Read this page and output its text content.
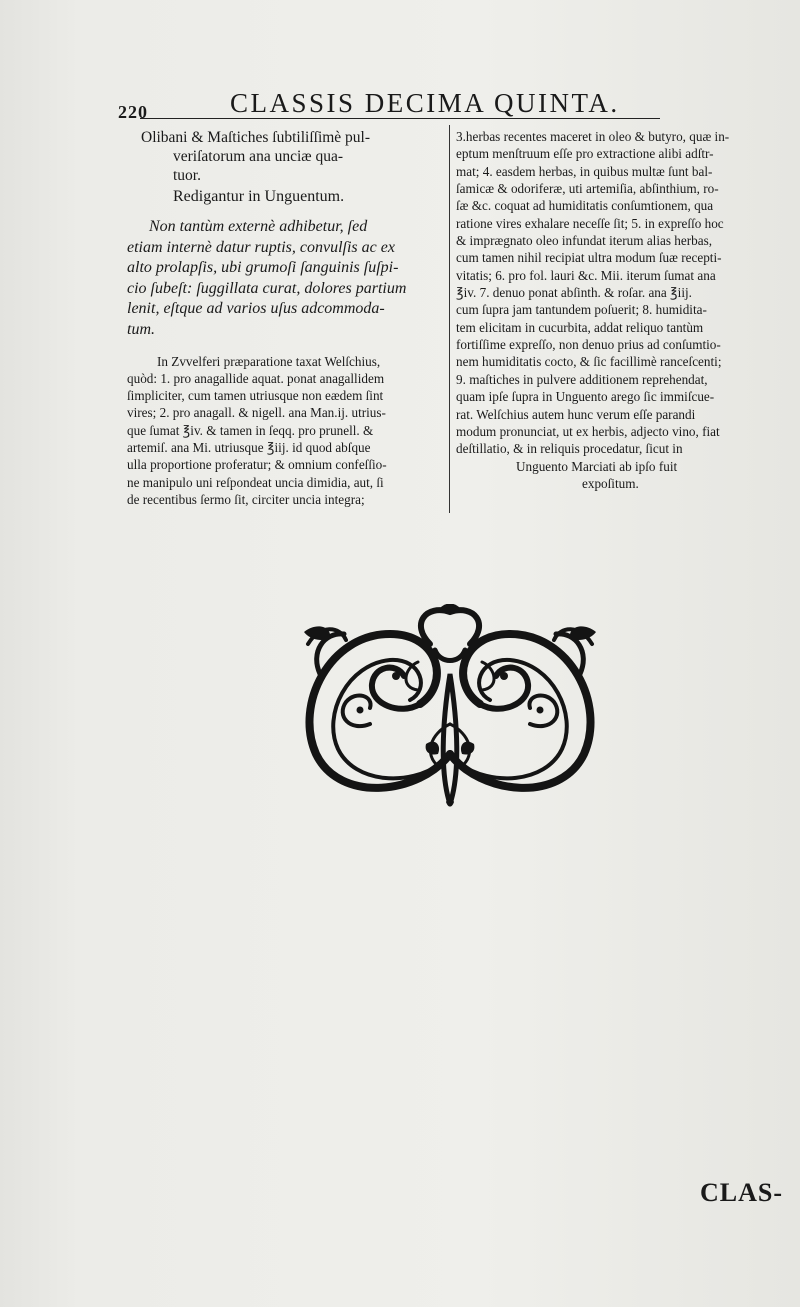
220	CLASSIS DECIMA QUINTA.

Olibani & Maſtiches ſubtiliſſimè pul-

veriſatorum ana unciæ qua-

tuor.

Redigantur in Unguentum.

Non tantùm externè adhibetur, ſed
etiam internè datur ruptis, convulſis ac ex
alto prolapſis, ubi grumoſi ſanguinis ſuſpi-
cio ſubeſt: ſuggillata curat, dolores partium
lenit, eſtque ad varios uſus adcommoda-
tum.

In Zvvelferi præparatione taxat Welſchius,
quòd: 1. pro anagallide aquat. ponat anagallidem
ſimpliciter, cum tamen utriusque non eædem ſint
vires; 2. pro anagall. & nigell. ana Man.ij. utrius-
que ſumat ℥iv. & tamen in ſeqq. pro prunell. &
artemiſ. ana Mi. utriusque ℥iij. id quod abſque
ulla proportione proferatur; & omnium confeſſio-
ne manipulo uni reſpondeat uncia dimidia, aut, ſi
de recentibus ſermo ſit, circiter uncia integra;

3.herbas recentes maceret in oleo & butyro, quæ in-
eptum menſtruum eſſe pro extractione alibi adſtr-
mat; 4. easdem herbas, in quibus multæ ſunt bal-
ſamicæ & odoriferæ, uti artemiſia, abſinthium, ro-
ſæ &c. coquat ad humiditatis conſumtionem, qua
ratione vires exhalare neceſſe ſit; 5. in expreſſo hoc
& imprægnato oleo infundat iterum alias herbas,
cum tamen nihil recipiat ultra modum ſuæ recepti-
vitatis; 6. pro fol. lauri &c. Mii. iterum ſumat ana
℥iv. 7. denuo ponat abſinth. & roſar. ana ℥iij.
cum ſupra jam tantundem poſuerit; 8. humidita-
tem elicitam in cucurbita, addat reliquo tantùm
fortiſſime expreſſo, non denuo prius ad conſumtio-
nem humiditatis coctо, & ſic facillimè ranceſcenti;
9. maſtiches in pulvere additionem reprehendat,
quam ipſe ſupra in Unguento arego ſic immiſcue-
rat. Welſchius autem hunc verum eſſe parandi
modum pronunciat, ut ex herbis, adjecto vino, fiat
deſtillatio, & in reliquis procedatur, ſicut in
Unguento Marciati ab ipſo fuit
expoſitum.

CLAS-
